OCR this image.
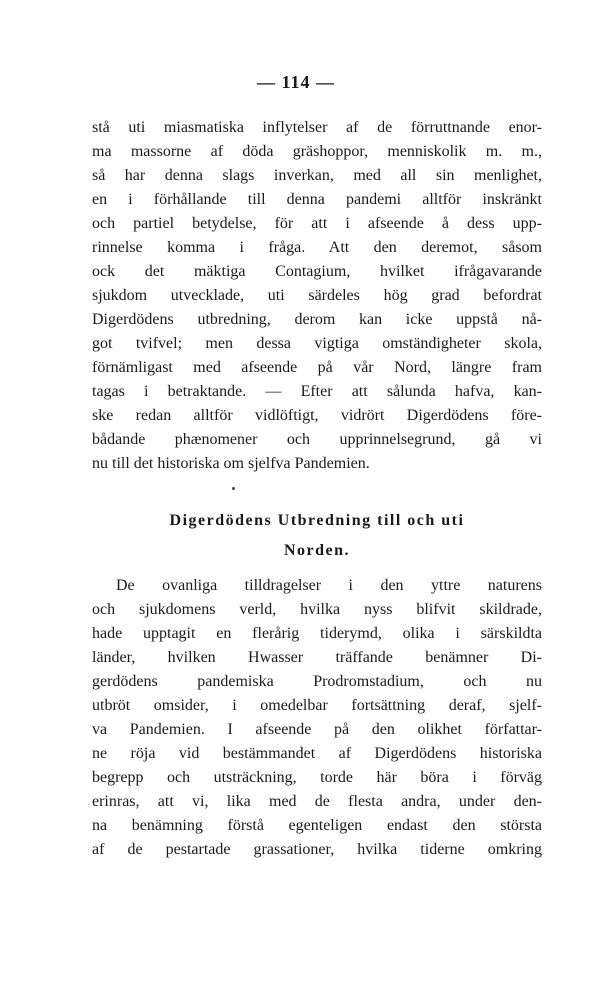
— 114 —
stå uti miasmatiska inflytelser af de förruttnande enor-
ma massorne af döda gräshoppor, menniskolik m. m.,
så har denna slags inverkan, med all sin menlighet,
en i förhållande till denna pandemi alltför inskränkt
och partiel betydelse, för att i afseende å dess upp-
rinnelse komma i fråga. Att den deremot, såsom
ock det mäktiga Contagium, hvilket ifrågavarande
sjukdom utvecklade, uti särdeles hög grad befordrat
Digerdödens utbredning, derom kan icke uppstå nå-
got tvifvel; men dessa vigtiga omständigheter skola,
förnämligast med afseende på vår Nord, längre fram
tagas i betraktande. — Efter att sålunda hafva, kan-
ske redan alltför vidlöftigt, vidrört Digerdödens före-
bådande phænomener och upprinnelsegrund, gå vi
nu till det historiska om sjelfva Pandemien.
Digerdödens Utbredning till och uti
Norden.
De ovanliga tilldragelser i den yttre naturens
och sjukdomens verld, hvilka nyss blifvit skildrade,
hade upptagit en flerårig tiderymd, olika i särskildta
länder, hvilken Hwasser träffande benämner Di-
gerdödens pandemiska Prodromstadium, och nu
utbröt omsider, i omedelbar fortsättning deraf, sjelf-
va Pandemien. I afseende på den olikhet författar-
ne röja vid bestämmandet af Digerdödens historiska
begrepp och utsträckning, torde här böra i förväg
erinras, att vi, lika med de flesta andra, under den-
na benämning förstå egenteligen endast den största
af de pestartade grassationer, hvilka tiderne omkring
